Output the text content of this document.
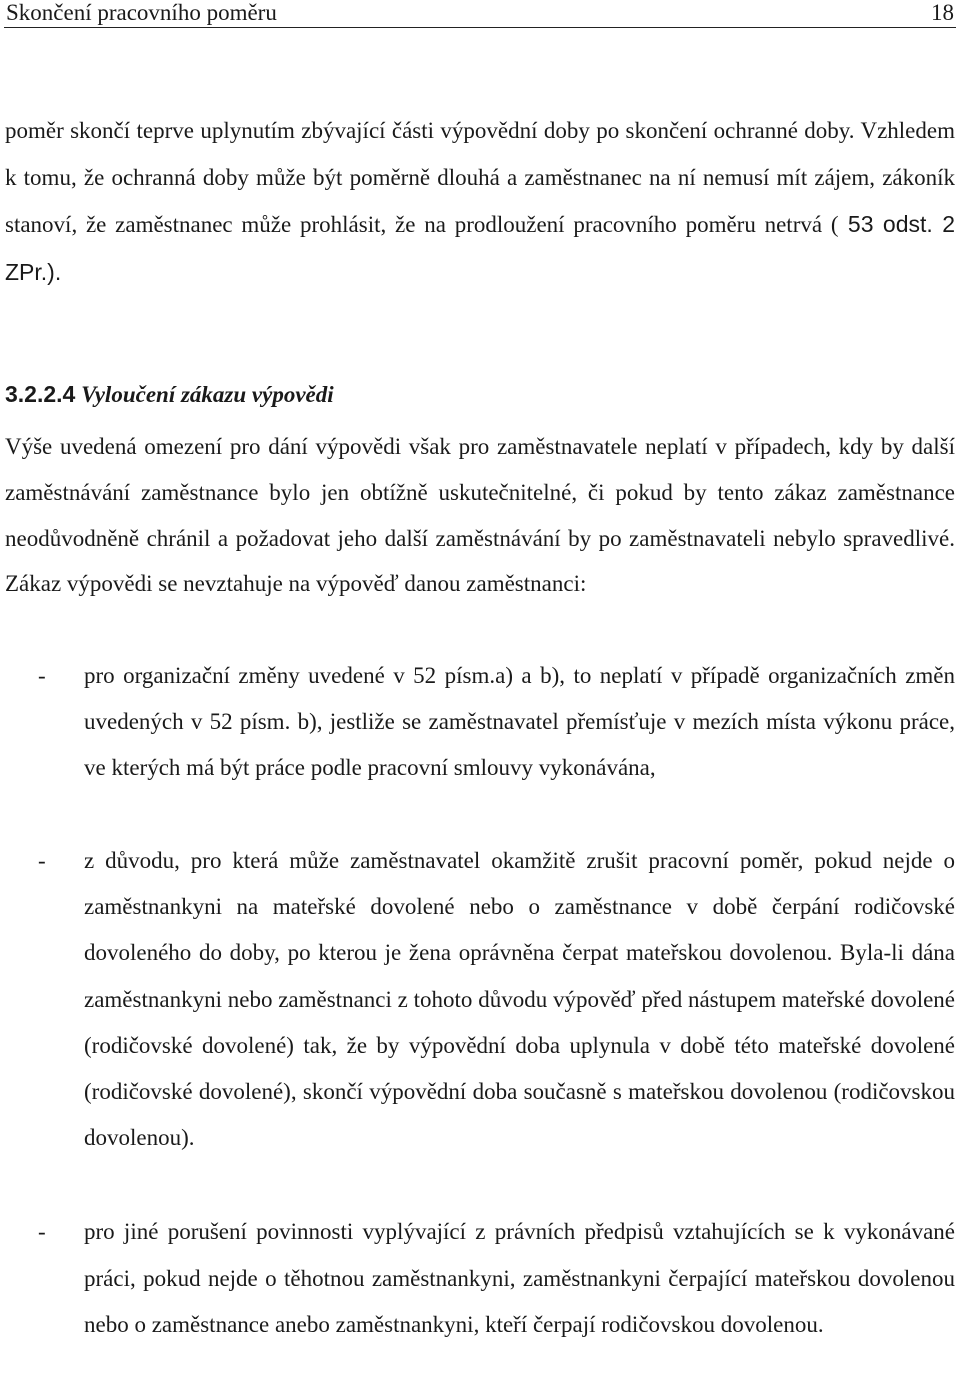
Skončení pracovního poměru	18
poměr skončí teprve uplynutím zbývající části výpovědní doby po skončení ochranné doby. Vzhledem k tomu, že ochranná doby může být poměrně dlouhá a zaměstnanec na ní nemusí mít zájem, zákoník stanoví, že zaměstnanec může prohlásit, že na prodloužení pracovního poměru netrvá ( 53 odst. 2 ZPr.).
3.2.2.4 Vyloučení zákazu výpovědi
Výše uvedená omezení pro dání výpovědi však pro zaměstnavatele neplatí v případech, kdy by další zaměstnávání zaměstnance bylo jen obtížně uskutečnitelné, či pokud by tento zákaz zaměstnance neodůvodněně chránil a požadovat jeho další zaměstnávání by po zaměstnavateli nebylo spravedlivé. Zákaz výpovědi se nevztahuje na výpověď danou zaměstnanci:
- pro organizační změny uvedené v 52 písm.a) a b), to neplatí v případě organizačních změn uvedených v 52 písm. b), jestliže se zaměstnavatel přemísťuje v mezích místa výkonu práce, ve kterých má být práce podle pracovní smlouvy vykonávána,
- z důvodu, pro která může zaměstnavatel okamžitě zrušit pracovní poměr, pokud nejde o zaměstnankyni na mateřské dovolené nebo o zaměstnance v době čerpání rodičovské dovoleného do doby, po kterou je žena oprávněna čerpat mateřskou dovolenou. Byla-li dána zaměstnankyni nebo zaměstnanci z tohoto důvodu výpověď před nástupem mateřské dovolené (rodičovské dovolené) tak, že by výpovědní doba uplynula v době této mateřské dovolené (rodičovské dovolené), skončí výpovědní doba současně s mateřskou dovolenou (rodičovskou dovolenou).
- pro jiné porušení povinnosti vyplývající z právních předpisů vztahujících se k vykonávané práci, pokud nejde o těhotnou zaměstnankyni, zaměstnankyni čerpající mateřskou dovolenou nebo o zaměstnance anebo zaměstnankyni, kteří čerpají rodičovskou dovolenou.
